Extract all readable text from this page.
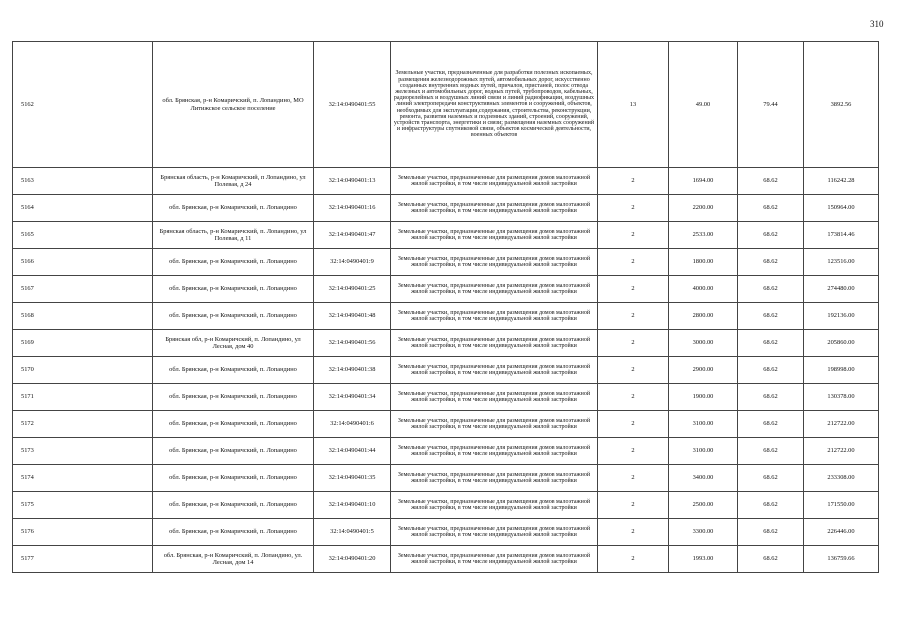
310
5162	обл. Брянская, р-н Комаричский, п. Лопандино, МО Литижское сельское поселение	32:14:0490401:55	Земельные участки, предназначенные для разработки полезных ископаемых, размещения железнодорожных путей, автомобильных дорог, искусственно созданных внутренних водных путей, причалов, пристаней, полос отвода железных и автомобильных дорог, водных путей, трубопроводов, кабельных, радиорелейных и воздушных линий связи и линий радиофикации, воздушных линий электропередачи конструктивных элементов и сооружений, объектов, необходимых для эксплуатации,содержания, строительства, реконструкции, ремонта, развития наземных и подземных зданий, строений, сооружений, устройств транспорта, энергетики и связи; размещения наземных сооружений и инфраструктуры спутниковой связи, объектов космической деятельности, военных объектов	13	49.00	79.44	3892.56
5163	Брянская область, р-н Комаричский, п Лопандино, ул Полевая, д 24	32:14:0490401:13	Земельные участки, предназначенные для размещения домов малоэтажной жилой застройки, в том числе индивидуальной жилой застройки	2	1694.00	68.62	116242.28
5164	обл. Брянская, р-н Комаричский, п. Лопандино	32:14:0490401:16	Земельные участки, предназначенные для размещения домов малоэтажной жилой застройки, в том числе индивидуальной жилой застройки	2	2200.00	68.62	150964.00
5165	Брянская область, р-н Комаричский, п. Лопандино, ул Полевая, д 11	32:14:0490401:47	Земельные участки, предназначенные для размещения домов малоэтажной жилой застройки, в том числе индивидуальной жилой застройки	2	2533.00	68.62	173814.46
5166	обл. Брянская, р-н Комаричский, п. Лопандино	32:14:0490401:9	Земельные участки, предназначенные для размещения домов малоэтажной жилой застройки, в том числе индивидуальной жилой застройки	2	1800.00	68.62	123516.00
5167	обл. Брянская, р-н Комаричский, п. Лопандино	32:14:0490401:25	Земельные участки, предназначенные для размещения домов малоэтажной жилой застройки, в том числе индивидуальной жилой застройки	2	4000.00	68.62	274480.00
5168	обл. Брянская, р-н Комаричский, п. Лопандино	32:14:0490401:48	Земельные участки, предназначенные для размещения домов малоэтажной жилой застройки, в том числе индивидуальной жилой застройки	2	2800.00	68.62	192136.00
5169	Брянская обл, р-н Комаричский, п. Лопандино, ул Лесная, дом 40	32:14:0490401:56	Земельные участки, предназначенные для размещения домов малоэтажной жилой застройки, в том числе индивидуальной жилой застройки	2	3000.00	68.62	205860.00
5170	обл. Брянская, р-н Комаричский, п. Лопандино	32:14:0490401:38	Земельные участки, предназначенные для размещения домов малоэтажной жилой застройки, в том числе индивидуальной жилой застройки	2	2900.00	68.62	198998.00
5171	обл. Брянская, р-н Комаричский, п. Лопандино	32:14:0490401:34	Земельные участки, предназначенные для размещения домов малоэтажной жилой застройки, в том числе индивидуальной жилой застройки	2	1900.00	68.62	130378.00
5172	обл. Брянская, р-н Комаричский, п. Лопандино	32:14:0490401:6	Земельные участки, предназначенные для размещения домов малоэтажной жилой застройки, в том числе индивидуальной жилой застройки	2	3100.00	68.62	212722.00
5173	обл. Брянская, р-н Комаричский, п. Лопандино	32:14:0490401:44	Земельные участки, предназначенные для размещения домов малоэтажной жилой застройки, в том числе индивидуальной жилой застройки	2	3100.00	68.62	212722.00
5174	обл. Брянская, р-н Комаричский, п. Лопандино	32:14:0490401:35	Земельные участки, предназначенные для размещения домов малоэтажной жилой застройки, в том числе индивидуальной жилой застройки	2	3400.00	68.62	233308.00
5175	обл. Брянская, р-н Комаричский, п. Лопандино	32:14:0490401:10	Земельные участки, предназначенные для размещения домов малоэтажной жилой застройки, в том числе индивидуальной жилой застройки	2	2500.00	68.62	171550.00
5176	обл. Брянская, р-н Комаричский, п. Лопандино	32:14:0490401:5	Земельные участки, предназначенные для размещения домов малоэтажной жилой застройки, в том числе индивидуальной жилой застройки	2	3300.00	68.62	226446.00
5177	обл. Брянская, р-н Комаричский, п. Лопандино, ул. Лесная, дом 14	32:14:0490401:20	Земельные участки, предназначенные для размещения домов малоэтажной жилой застройки, в том числе индивидуальной жилой застройки	2	1993.00	68.62	136759.66
